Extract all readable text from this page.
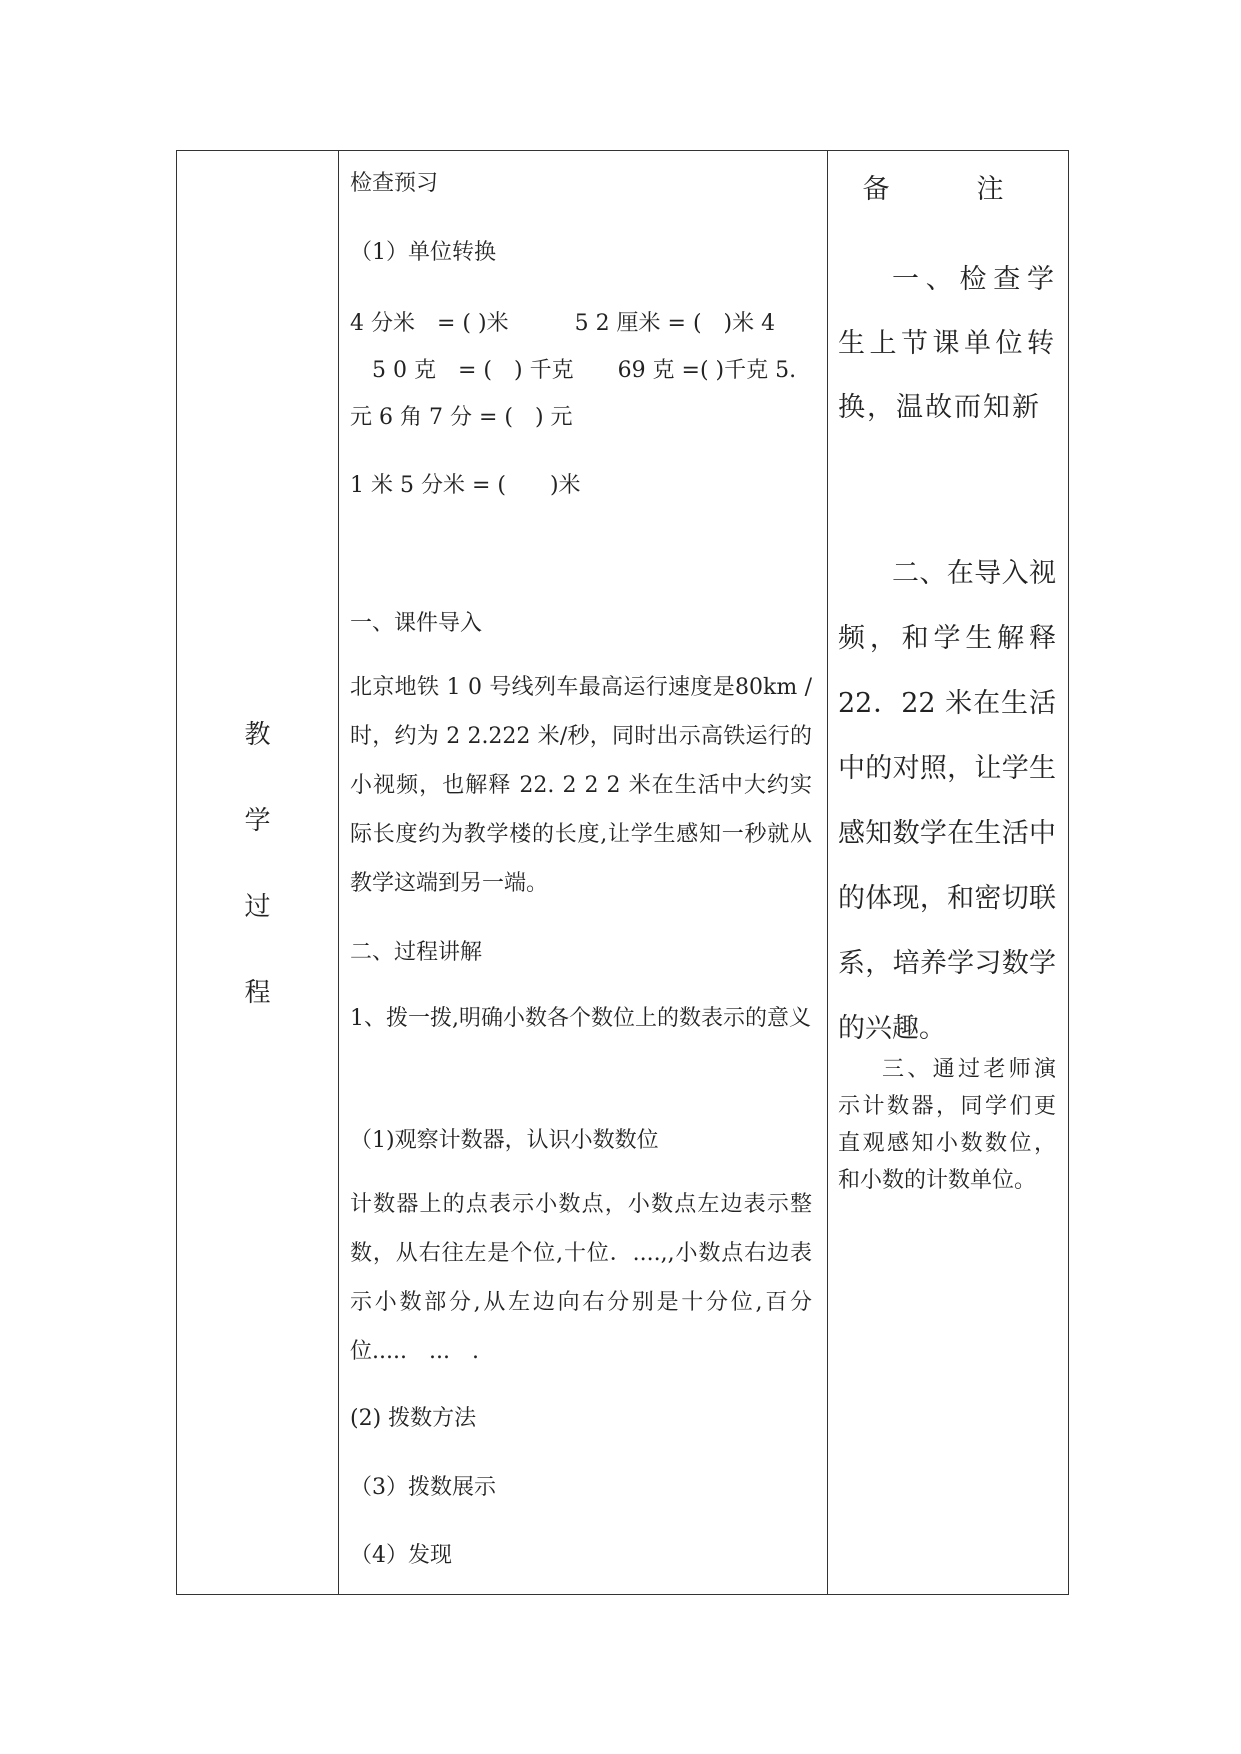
教
学
过
程

备　注
检查预习
（1）单位转换
4 分米　= ( )米　　　5 2 厘米 = (　)米 4
　5 0 克　= (　) 千克　　69 克 =( )千克 5.
元 6 角 7 分 = (　) 元
1 米 5 分米 = (　　)米
一、课件导入
北京地铁 1 0 号线列车最高运行速度是80km / 时，约为 2 2.222 米/秒，同时出示高铁运行的小视频，也解释 22. 2 2 2 米在生活中大约实际长度约为教学楼的长度,让学生感知一秒就从教学这端到另一端。
二、过程讲解
1、拨一拨,明确小数各个数位上的数表示的意义
（1)观察计数器，认识小数数位
计数器上的点表示小数点，小数点左边表示整数，从右往左是个位,十位．....,,小数点右边表示小数部分,从左边向右分别是十分位,百分位.....　...　.
(2) 拨数方法
（3）拨数展示
（4）发现
一、检查学生上节课单位转换，温故而知新
二、在导入视频，和学生解释 22．22 米在生活中的对照，让学生感知数学在生活中的体现，和密切联系，培养学习数学的兴趣。
三、通过老师演示计数器，同学们更直观感知小数数位，和小数的计数单位。
